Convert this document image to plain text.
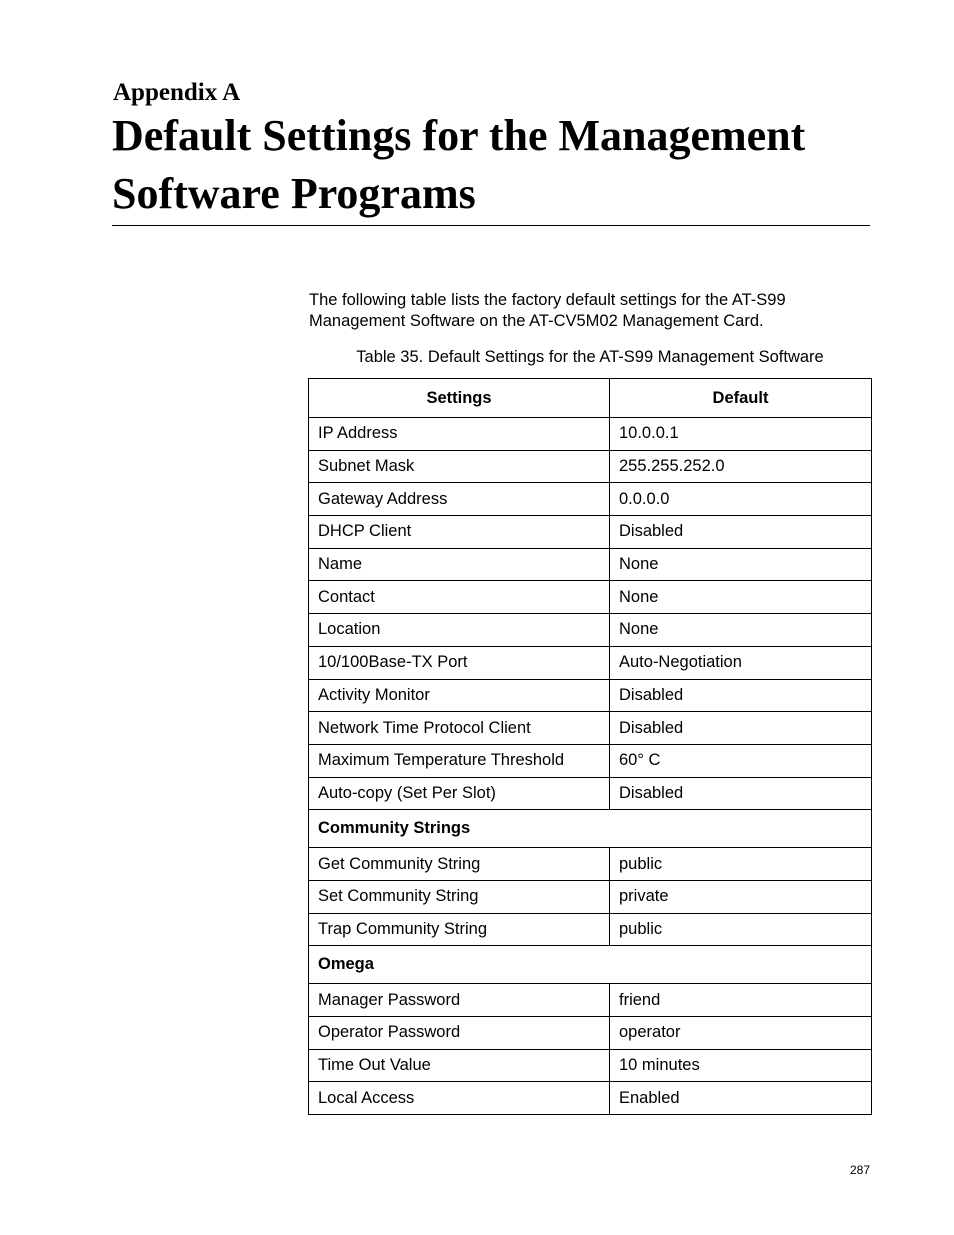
Appendix A
Default Settings for the Management Software Programs

The following table lists the factory default settings for the AT-S99 Management Software on the AT-CV5M02 Management Card.

Table 35. Default Settings for the AT-S99 Management Software
Settings	Default
IP Address	10.0.0.1
Subnet Mask	255.255.252.0
Gateway Address	0.0.0.0
DHCP Client	Disabled
Name	None
Contact	None
Location	None
10/100Base-TX Port	Auto-Negotiation
Activity Monitor	Disabled
Network Time Protocol Client	Disabled
Maximum Temperature Threshold	60° C
Auto-copy (Set Per Slot)	Disabled
Community Strings	
Get Community String	public
Set Community String	private
Trap Community String	public
Omega	
Manager Password	friend
Operator Password	operator
Time Out Value	10 minutes
Local Access	Enabled
287
